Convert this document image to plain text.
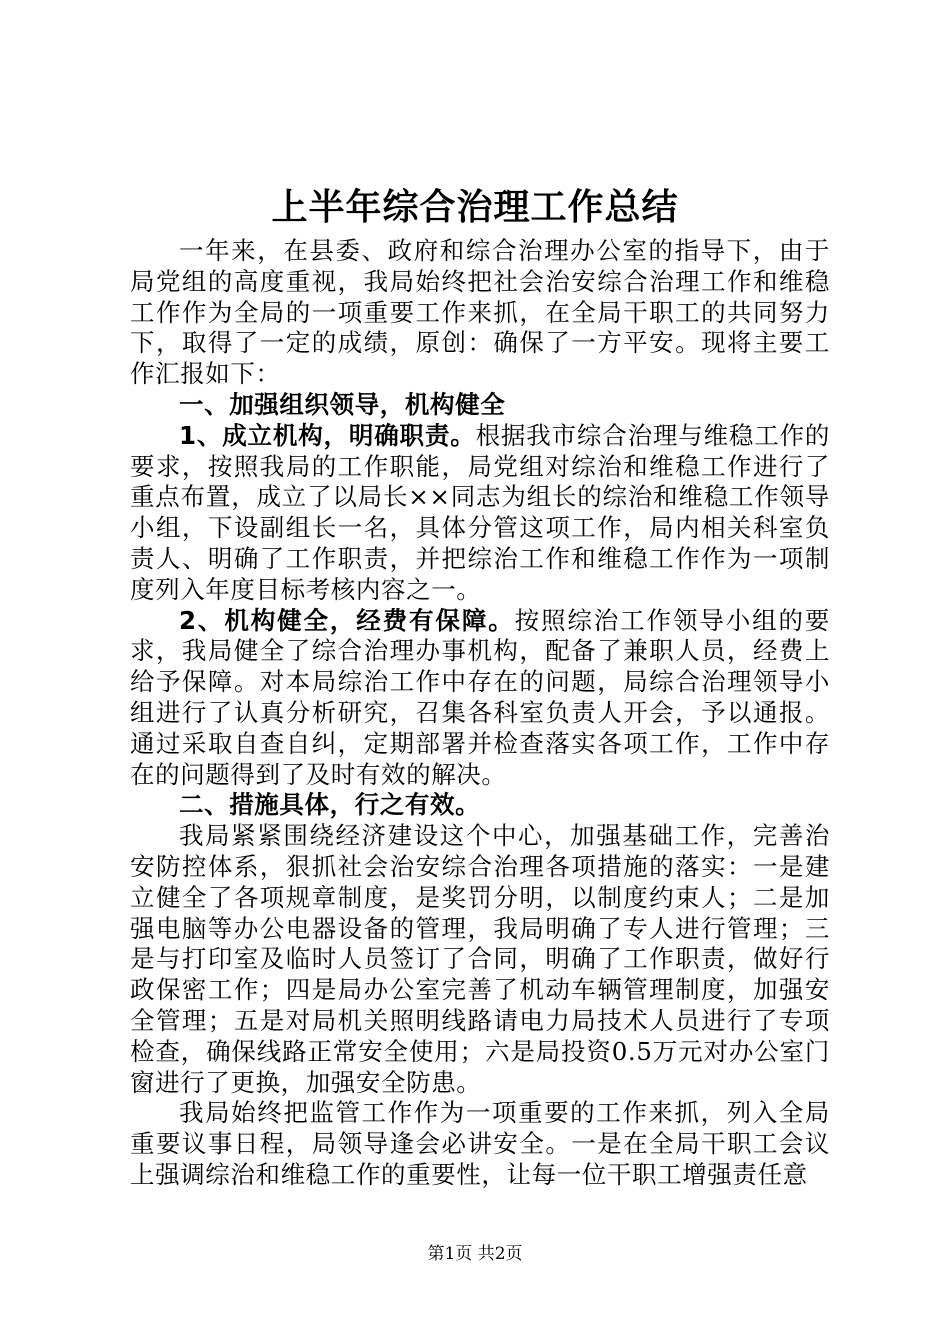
上半年综合治理工作总结

一年来，在县委、政府和综合治理办公室的指导下，由于局党组的高度重视，我局始终把社会治安综合治理工作和维稳工作作为全局的一项重要工作来抓，在全局干职工的共同努力下，取得了一定的成绩，原创：确保了一方平安。现将主要工作汇报如下：

一、加强组织领导，机构健全

1、成立机构，明确职责。根据我市综合治理与维稳工作的要求，按照我局的工作职能，局党组对综治和维稳工作进行了重点布置，成立了以局长××同志为组长的综治和维稳工作领导小组，下设副组长一名，具体分管这项工作，局内相关科室负责人、明确了工作职责，并把综治工作和维稳工作作为一项制度列入年度目标考核内容之一。

2、机构健全，经费有保障。按照综治工作领导小组的要求，我局健全了综合治理办事机构，配备了兼职人员，经费上给予保障。对本局综治工作中存在的问题，局综合治理领导小组进行了认真分析研究，召集各科室负责人开会，予以通报。通过采取自查自纠，定期部署并检查落实各项工作，工作中存在的问题得到了及时有效的解决。

二、措施具体，行之有效。

我局紧紧围绕经济建设这个中心，加强基础工作，完善治安防控体系，狠抓社会治安综合治理各项措施的落实：一是建立健全了各项规章制度，是奖罚分明，以制度约束人；二是加强电脑等办公电器设备的管理，我局明确了专人进行管理；三是与打印室及临时人员签订了合同，明确了工作职责，做好行政保密工作；四是局办公室完善了机动车辆管理制度，加强安全管理；五是对局机关照明线路请电力局技术人员进行了专项检查，确保线路正常安全使用；六是局投资0.5万元对办公室门窗进行了更换，加强安全防患。

我局始终把监管工作作为一项重要的工作来抓，列入全局重要议事日程，局领导逢会必讲安全。一是在全局干职工会议上强调综治和维稳工作的重要性，让每一位干职工增强责任意

第1页 共2页
